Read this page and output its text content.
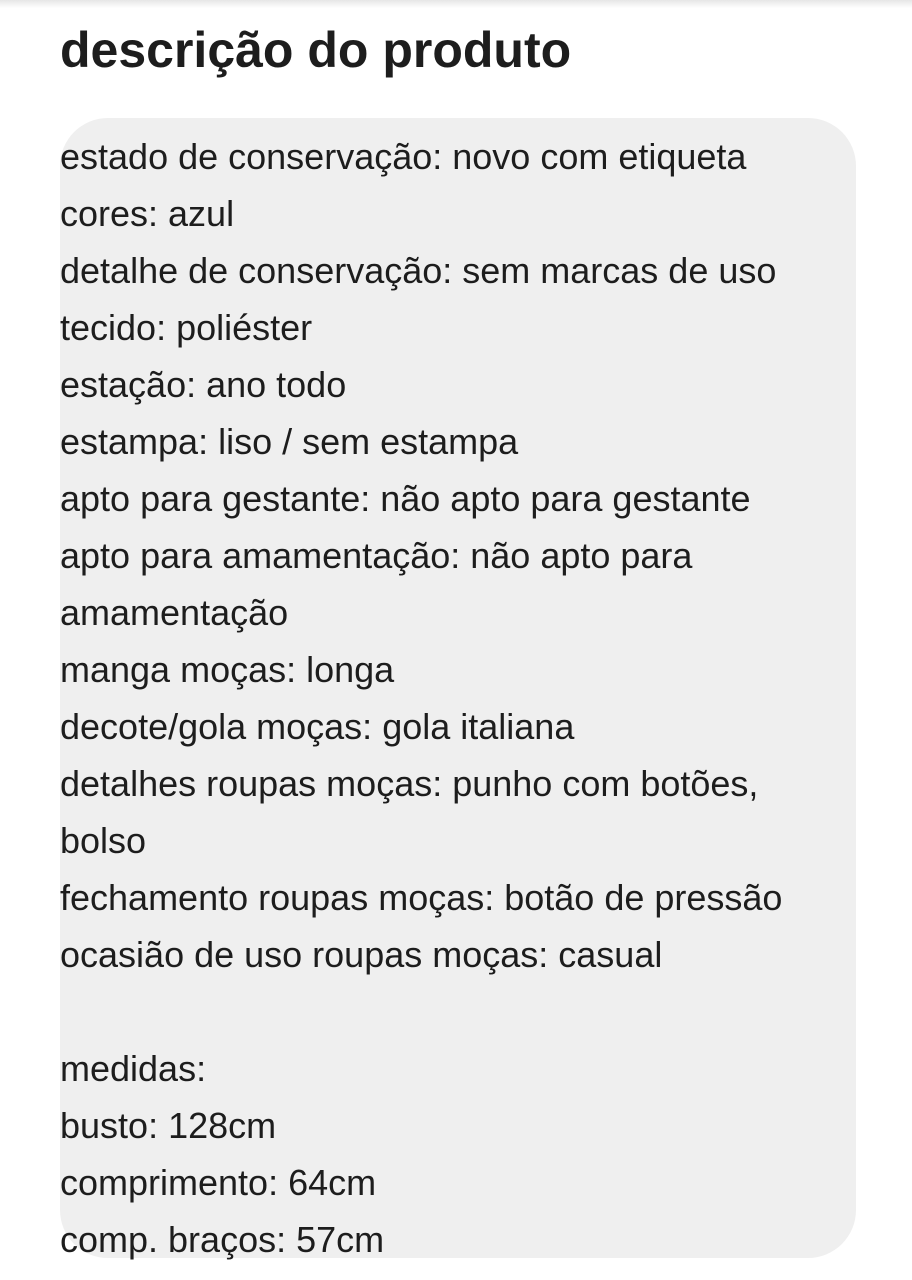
descrição do produto
estado de conservação: novo com etiqueta
cores: azul
detalhe de conservação: sem marcas de uso
tecido: poliéster
estação: ano todo
estampa: liso / sem estampa
apto para gestante: não apto para gestante
apto para amamentação: não apto para
amamentação
manga moças: longa
decote/gola moças: gola italiana
detalhes roupas moças: punho com botões,
bolso
fechamento roupas moças: botão de pressão
ocasião de uso roupas moças: casual
medidas:
busto: 128cm
comprimento: 64cm
comp. braços: 57cm
